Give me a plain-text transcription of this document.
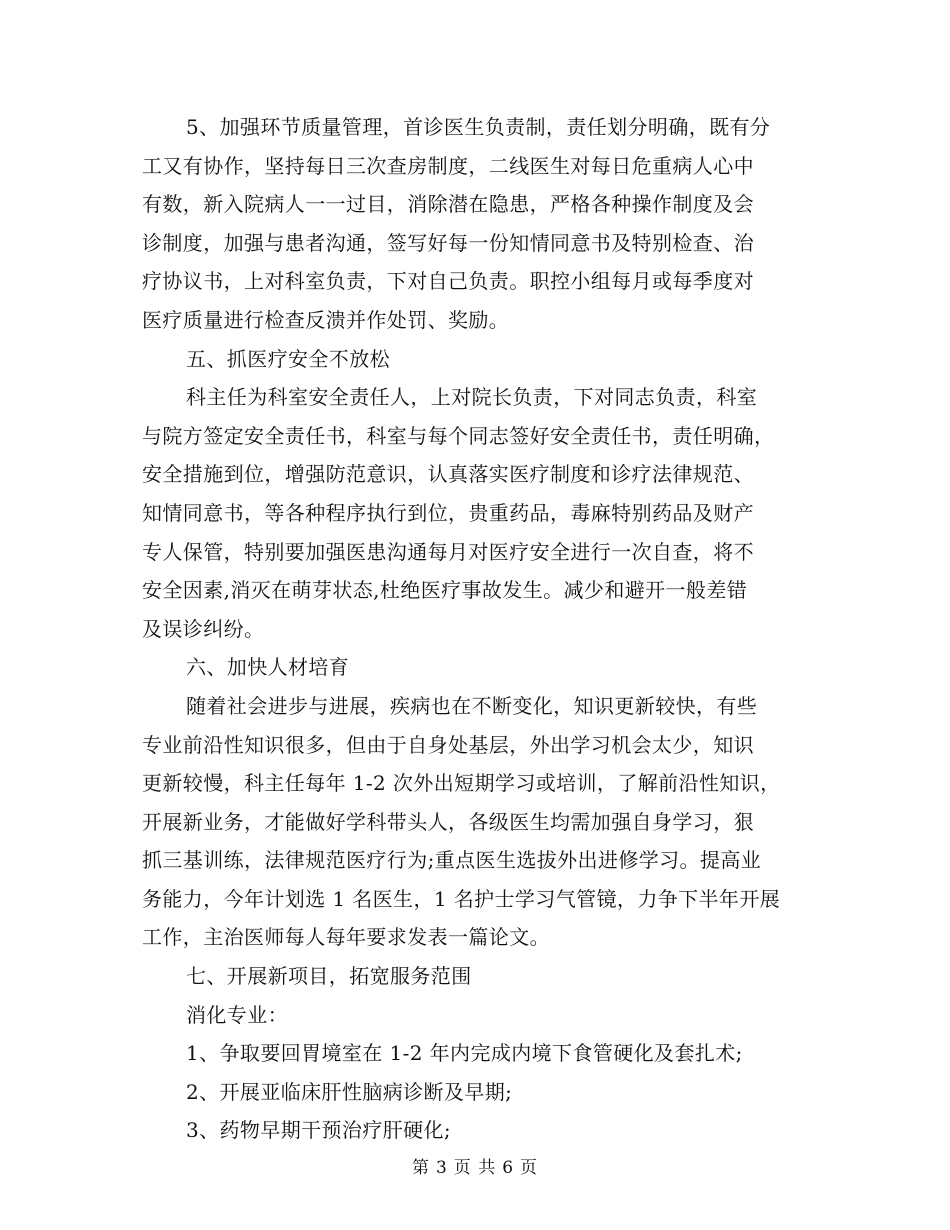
5、加强环节质量管理，首诊医生负责制，责任划分明确，既有分
工又有协作，坚持每日三次查房制度，二线医生对每日危重病人心中
有数，新入院病人一一过目，消除潜在隐患，严格各种操作制度及会
诊制度，加强与患者沟通，签写好每一份知情同意书及特别检查、治
疗协议书，上对科室负责，下对自己负责。职控小组每月或每季度对
医疗质量进行检查反溃并作处罚、奖励。
五、抓医疗安全不放松
科主任为科室安全责任人，上对院长负责，下对同志负责，科室
与院方签定安全责任书，科室与每个同志签好安全责任书，责任明确，
安全措施到位，增强防范意识，认真落实医疗制度和诊疗法律规范、
知情同意书，等各种程序执行到位，贵重药品，毒麻特别药品及财产
专人保管，特别要加强医患沟通每月对医疗安全进行一次自查，将不
安全因素,消灭在萌芽状态,杜绝医疗事故发生。减少和避开一般差错
及误诊纠纷。
六、加快人材培育
随着社会进步与进展，疾病也在不断变化，知识更新较快，有些
专业前沿性知识很多，但由于自身处基层，外出学习机会太少，知识
更新较慢，科主任每年 1-2 次外出短期学习或培训，了解前沿性知识，
开展新业务，才能做好学科带头人，各级医生均需加强自身学习，狠
抓三基训练，法律规范医疗行为;重点医生选拔外出进修学习。提高业
务能力，今年计划选 1 名医生，1 名护士学习气管镜，力争下半年开展
工作，主治医师每人每年要求发表一篇论文。
七、开展新项目，拓宽服务范围
消化专业：
1、争取要回胃境室在 1-2 年内完成内境下食管硬化及套扎术;
2、开展亚临床肝性脑病诊断及早期;
3、药物早期干预治疗肝硬化;
第 3 页 共 6 页
